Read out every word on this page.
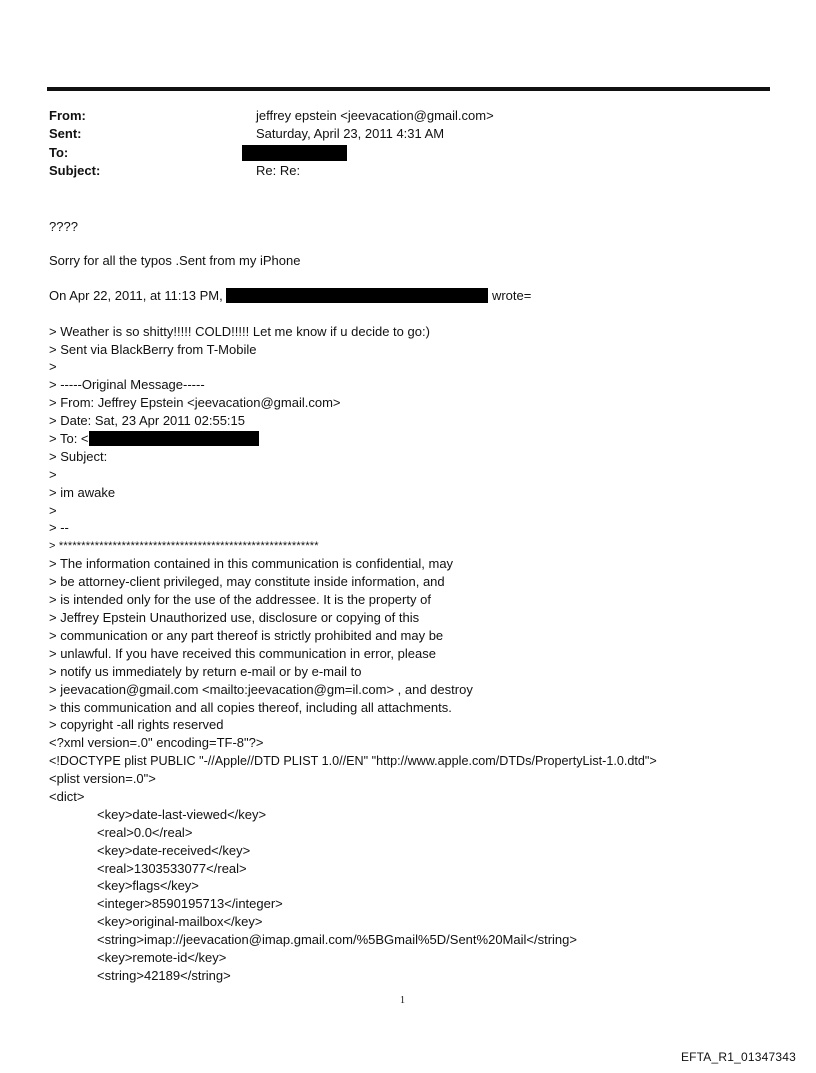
From:	jeffrey epstein <jeevacation@gmail.com>
Sent:	Saturday, April 23, 2011 4:31 AM
To:
Subject:	Re: Re:
????
Sorry for all the typos .Sent from my iPhone
On Apr 22, 2011, at 11:13 PM,	wrote=
> Weather is so shitty!!!!! COLD!!!!! Let me know if u decide to go:)
> Sent via BlackBerry from T-Mobile
>
> -----Original Message-----
> From: Jeffrey Epstein <jeevacation@gmail.com>
> Date: Sat, 23 Apr 2011 02:55:15
> To: <
> Subject:
>
> im awake
>
> --
> **********************************************************
> The information contained in this communication is confidential, may
> be attorney-client privileged, may constitute inside information, and
> is intended only for the use of the addressee. It is the property of
> Jeffrey Epstein Unauthorized use, disclosure or copying of this
> communication or any part thereof is strictly prohibited and may be
> unlawful. If you have received this communication in error, please
> notify us immediately by return e-mail or by e-mail to
> jeevacation@gmail.com <mailto:jeevacation@gm=il.com> , and destroy
> this communication and all copies thereof, including all attachments.
> copyright -all rights reserved
<?xml version=.0" encoding=TF-8"?>
<!DOCTYPE plist PUBLIC "-//Apple//DTD PLIST 1.0//EN" "http://www.apple.com/DTDs/PropertyList-1.0.dtd">
<plist version=.0">
<dict>
<key>date-last-viewed</key>
<real>0.0</real>
<key>date-received</key>
<real>1303533077</real>
<key>flags</key>
<integer>8590195713</integer>
<key>original-mailbox</key>
<string>imap://jeevacation@imap.gmail.com/%5BGmail%5D/Sent%20Mail</string>
<key>remote-id</key>
<string>42189</string>
1
EFTA_R1_01347343
